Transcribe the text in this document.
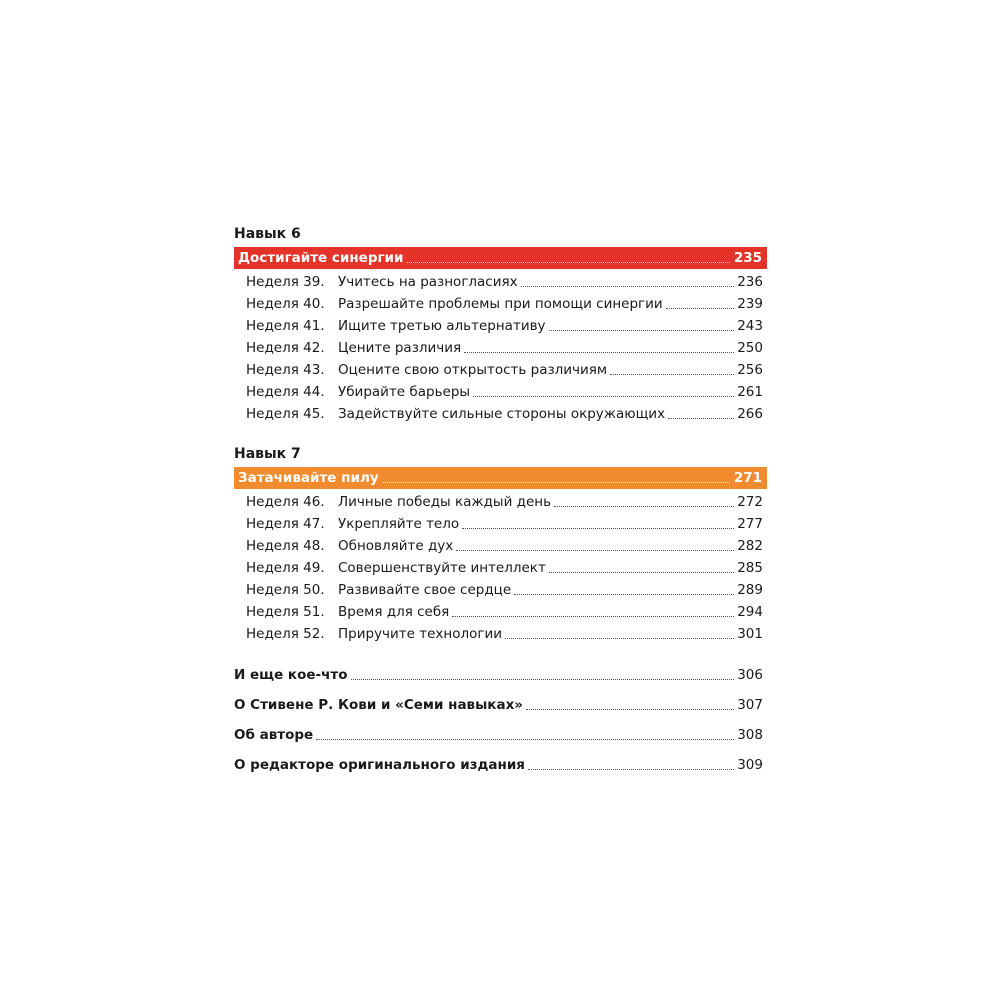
Навык 6
Достигайте синергии	235
Неделя 39. Учитесь на разногласиях	236
Неделя 40. Разрешайте проблемы при помощи синергии	239
Неделя 41. Ищите третью альтернативу	243
Неделя 42. Цените различия	250
Неделя 43. Оцените свою открытость различиям	256
Неделя 44. Убирайте барьеры	261
Неделя 45. Задействуйте сильные стороны окружающих	266
Навык 7
Затачивайте пилу	271
Неделя 46. Личные победы каждый день	272
Неделя 47. Укрепляйте тело	277
Неделя 48. Обновляйте дух	282
Неделя 49. Совершенствуйте интеллект	285
Неделя 50. Развивайте свое сердце	289
Неделя 51. Время для себя	294
Неделя 52. Приручите технологии	301
И еще кое-что	306
О Стивене Р. Кови и «Семи навыках»	307
Об авторе	308
О редакторе оригинального издания	309
